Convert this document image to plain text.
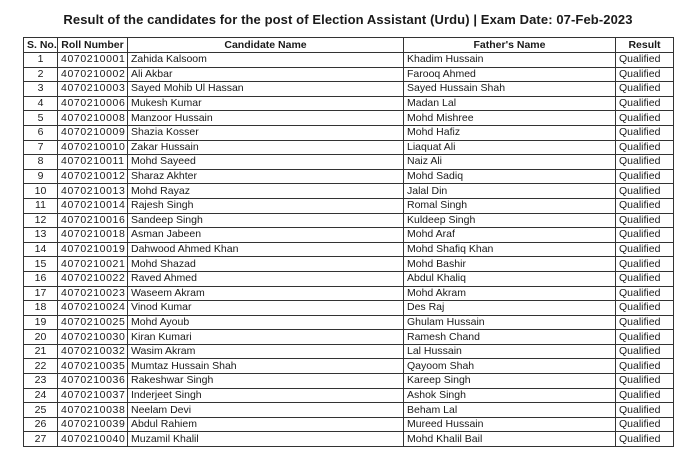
Result of the candidates for the post of Election Assistant (Urdu) | Exam Date: 07-Feb-2023
S. No.	Roll Number	Candidate Name	Father's Name	Result
1	4070210001	Zahida Kalsoom	Khadim Hussain	Qualified
2	4070210002	Ali Akbar	Farooq Ahmed	Qualified
3	4070210003	Sayed Mohib Ul Hassan	Sayed Hussain Shah	Qualified
4	4070210006	Mukesh Kumar	Madan Lal	Qualified
5	4070210008	Manzoor Hussain	Mohd Mishree	Qualified
6	4070210009	Shazia Kosser	Mohd Hafiz	Qualified
7	4070210010	Zakar Hussain	Liaquat Ali	Qualified
8	4070210011	Mohd Sayeed	Naiz Ali	Qualified
9	4070210012	Sharaz Akhter	Mohd Sadiq	Qualified
10	4070210013	Mohd Rayaz	Jalal Din	Qualified
11	4070210014	Rajesh Singh	Romal Singh	Qualified
12	4070210016	Sandeep Singh	Kuldeep Singh	Qualified
13	4070210018	Asman Jabeen	Mohd Araf	Qualified
14	4070210019	Dahwood Ahmed Khan	Mohd Shafiq Khan	Qualified
15	4070210021	Mohd Shazad	Mohd Bashir	Qualified
16	4070210022	Raved Ahmed	Abdul Khaliq	Qualified
17	4070210023	Waseem Akram	Mohd Akram	Qualified
18	4070210024	Vinod Kumar	Des Raj	Qualified
19	4070210025	Mohd Ayoub	Ghulam Hussain	Qualified
20	4070210030	Kiran Kumari	Ramesh Chand	Qualified
21	4070210032	Wasim Akram	Lal Hussain	Qualified
22	4070210035	Mumtaz Hussain Shah	Qayoom Shah	Qualified
23	4070210036	Rakeshwar Singh	Kareep Singh	Qualified
24	4070210037	Inderjeet Singh	Ashok Singh	Qualified
25	4070210038	Neelam Devi	Beham Lal	Qualified
26	4070210039	Abdul Rahiem	Mureed Hussain	Qualified
27	4070210040	Muzamil Khalil	Mohd Khalil Bail	Qualified
